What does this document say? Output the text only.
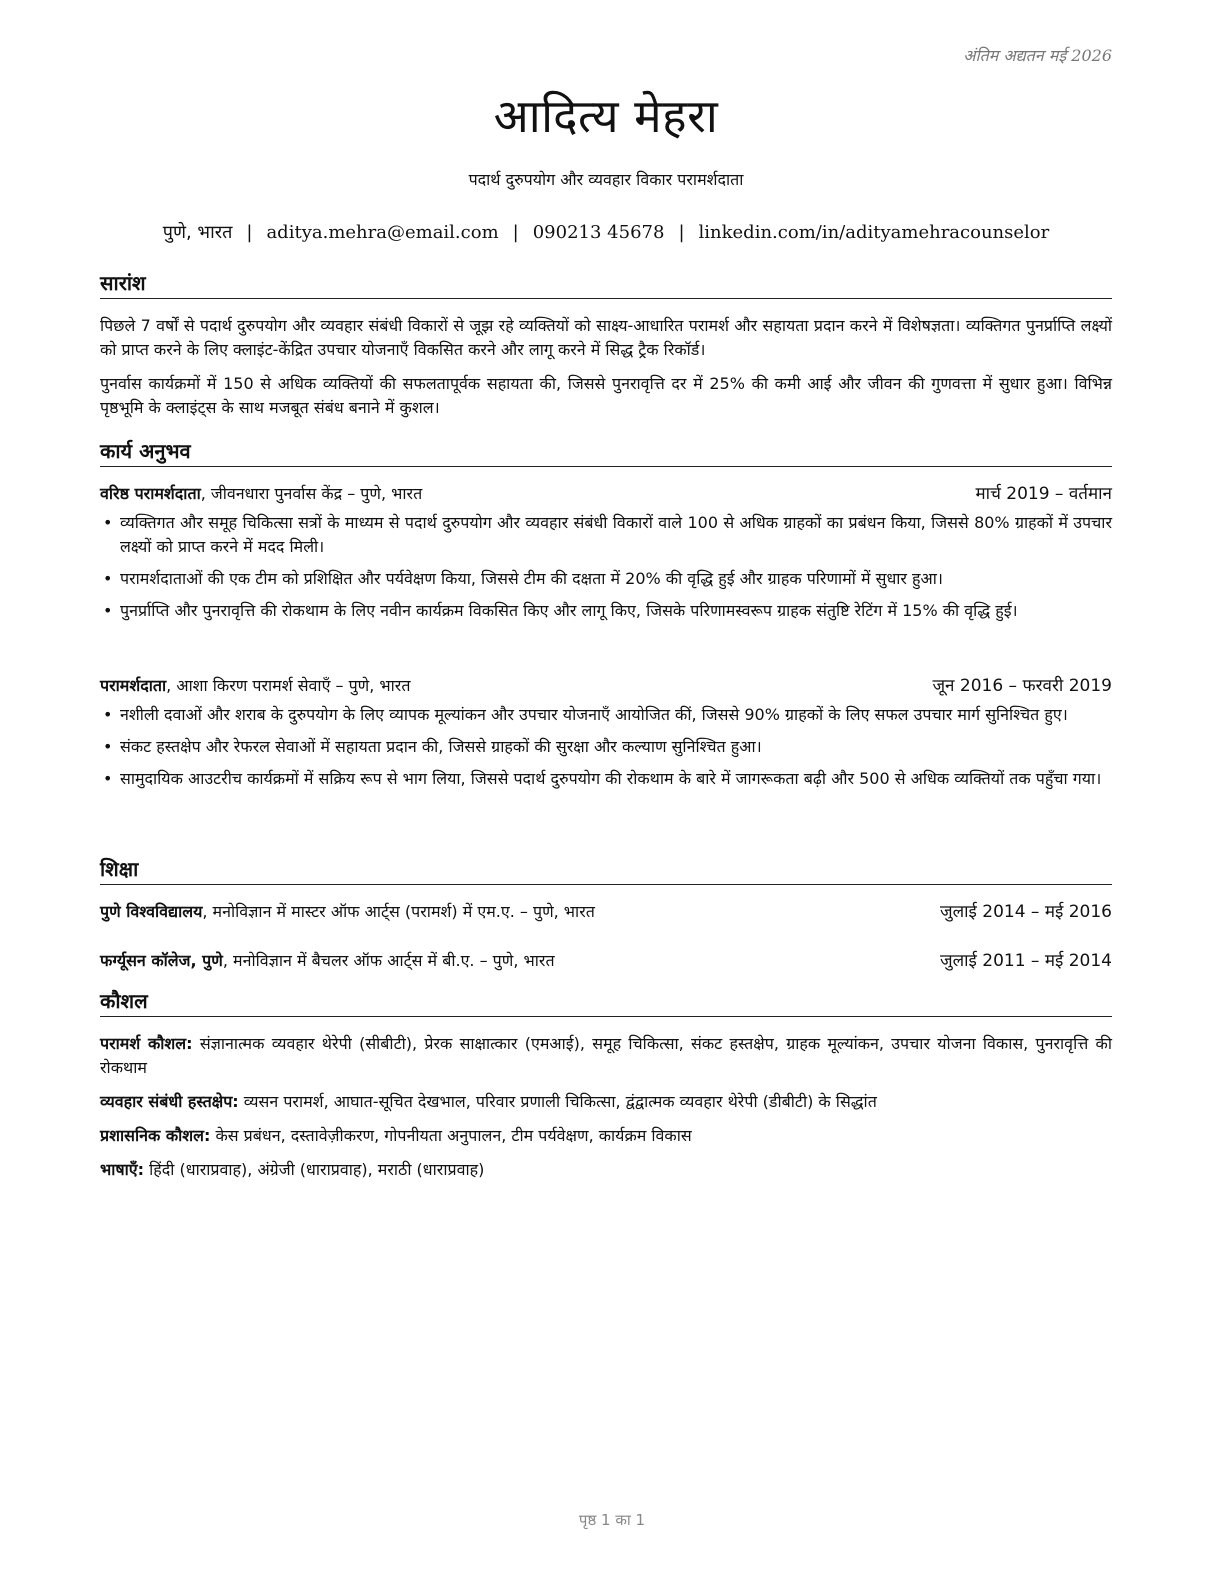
अंतिम अद्यतन मई 2026
आदित्य मेहरा
पदार्थ दुरुपयोग और व्यवहार विकार परामर्शदाता
पुणे, भारत | aditya.mehra@email.com | 090213 45678 | linkedin.com/in/adityamehracounselor
सारांश
पिछले 7 वर्षों से पदार्थ दुरुपयोग और व्यवहार संबंधी विकारों से जूझ रहे व्यक्तियों को साक्ष्य-आधारित परामर्श और सहायता प्रदान करने में विशेषज्ञता। व्यक्तिगत पुनर्प्राप्ति लक्ष्यों को प्राप्त करने के लिए क्लाइंट-केंद्रित उपचार योजनाएँ विकसित करने और लागू करने में सिद्ध ट्रैक रिकॉर्ड।
पुनर्वास कार्यक्रमों में 150 से अधिक व्यक्तियों की सफलतापूर्वक सहायता की, जिससे पुनरावृत्ति दर में 25% की कमी आई और जीवन की गुणवत्ता में सुधार हुआ। विभिन्न पृष्ठभूमि के क्लाइंट्स के साथ मजबूत संबंध बनाने में कुशल।
कार्य अनुभव
वरिष्ठ परामर्शदाता, जीवनधारा पुनर्वास केंद्र – पुणे, भारत	मार्च 2019 – वर्तमान
• व्यक्तिगत और समूह चिकित्सा सत्रों के माध्यम से पदार्थ दुरुपयोग और व्यवहार संबंधी विकारों वाले 100 से अधिक ग्राहकों का प्रबंधन किया, जिससे 80% ग्राहकों में उपचार लक्ष्यों को प्राप्त करने में मदद मिली।
• परामर्शदाताओं की एक टीम को प्रशिक्षित और पर्यवेक्षण किया, जिससे टीम की दक्षता में 20% की वृद्धि हुई और ग्राहक परिणामों में सुधार हुआ।
• पुनर्प्राप्ति और पुनरावृत्ति की रोकथाम के लिए नवीन कार्यक्रम विकसित किए और लागू किए, जिसके परिणामस्वरूप ग्राहक संतुष्टि रेटिंग में 15% की वृद्धि हुई।
परामर्शदाता, आशा किरण परामर्श सेवाएँ – पुणे, भारत	जून 2016 – फरवरी 2019
• नशीली दवाओं और शराब के दुरुपयोग के लिए व्यापक मूल्यांकन और उपचार योजनाएँ आयोजित कीं, जिससे 90% ग्राहकों के लिए सफल उपचार मार्ग सुनिश्चित हुए।
• संकट हस्तक्षेप और रेफरल सेवाओं में सहायता प्रदान की, जिससे ग्राहकों की सुरक्षा और कल्याण सुनिश्चित हुआ।
• सामुदायिक आउटरीच कार्यक्रमों में सक्रिय रूप से भाग लिया, जिससे पदार्थ दुरुपयोग की रोकथाम के बारे में जागरूकता बढ़ी और 500 से अधिक व्यक्तियों तक पहुँचा गया।
शिक्षा
पुणे विश्वविद्यालय, मनोविज्ञान में मास्टर ऑफ आर्ट्स (परामर्श) में एम.ए. – पुणे, भारत	जुलाई 2014 – मई 2016
फर्ग्यूसन कॉलेज, पुणे, मनोविज्ञान में बैचलर ऑफ आर्ट्स में बी.ए. – पुणे, भारत	जुलाई 2011 – मई 2014
कौशल
परामर्श कौशल: संज्ञानात्मक व्यवहार थेरेपी (सीबीटी), प्रेरक साक्षात्कार (एमआई), समूह चिकित्सा, संकट हस्तक्षेप, ग्राहक मूल्यांकन, उपचार योजना विकास, पुनरावृत्ति की रोकथाम
व्यवहार संबंधी हस्तक्षेप: व्यसन परामर्श, आघात-सूचित देखभाल, परिवार प्रणाली चिकित्सा, द्वंद्वात्मक व्यवहार थेरेपी (डीबीटी) के सिद्धांत
प्रशासनिक कौशल: केस प्रबंधन, दस्तावेज़ीकरण, गोपनीयता अनुपालन, टीम पर्यवेक्षण, कार्यक्रम विकास
भाषाएँ: हिंदी (धाराप्रवाह), अंग्रेजी (धाराप्रवाह), मराठी (धाराप्रवाह)
पृष्ठ 1 का 1
